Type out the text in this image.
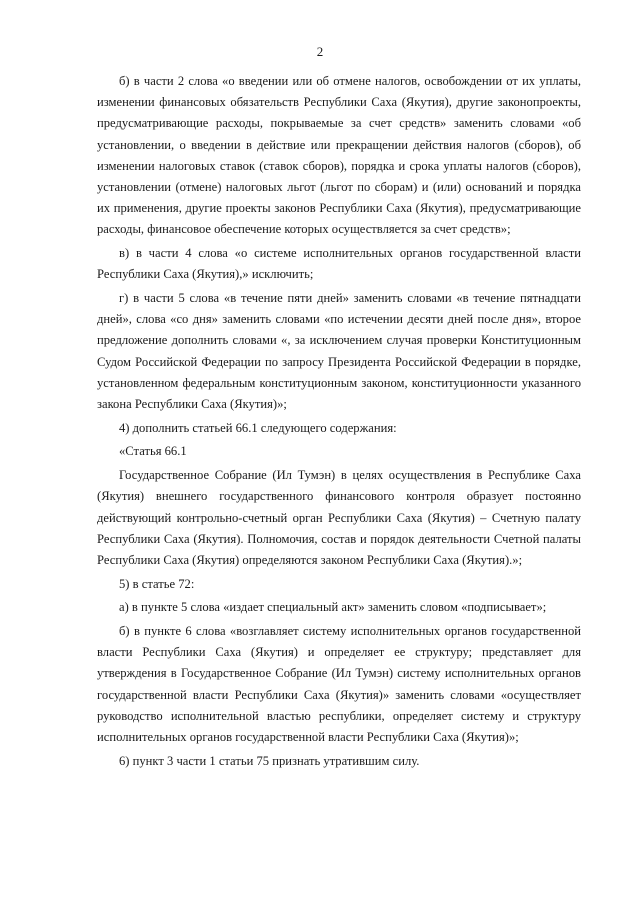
2

б) в части 2 слова «о введении или об отмене налогов, освобождении от их уплаты, изменении финансовых обязательств Республики Саха (Якутия), другие законопроекты, предусматривающие расходы, покрываемые за счет средств» заменить словами «об установлении, о введении в действие или прекращении действия налогов (сборов), об изменении налоговых ставок (ставок сборов), порядка и срока уплаты налогов (сборов), установлении (отмене) налоговых льгот (льгот по сборам) и (или) оснований и порядка их применения, другие проекты законов Республики Саха (Якутия), предусматривающие расходы, финансовое обеспечение которых осуществляется за счет средств»;

в) в части 4 слова «о системе исполнительных органов государственной власти Республики Саха (Якутия),» исключить;

г) в части 5 слова «в течение пяти дней» заменить словами «в течение пятнадцати дней», слова «со дня» заменить словами «по истечении десяти дней после дня», второе предложение дополнить словами «, за исключением случая проверки Конституционным Судом Российской Федерации по запросу Президента Российской Федерации в порядке, установленном федеральным конституционным законом, конституционности указанного закона Республики Саха (Якутия)»;

4) дополнить статьей 66.1 следующего содержания:

«Статья 66.1

Государственное Собрание (Ил Тумэн) в целях осуществления в Республике Саха (Якутия) внешнего государственного финансового контроля образует постоянно действующий контрольно-счетный орган Республики Саха (Якутия) – Счетную палату Республики Саха (Якутия). Полномочия, состав и порядок деятельности Счетной палаты Республики Саха (Якутия) определяются законом Республики Саха (Якутия).»;

5) в статье 72:

а) в пункте 5 слова «издает специальный акт» заменить словом «подписывает»;

б) в пункте 6 слова «возглавляет систему исполнительных органов государственной власти Республики Саха (Якутия) и определяет ее структуру; представляет для утверждения в Государственное Собрание (Ил Тумэн) систему исполнительных органов государственной власти Республики Саха (Якутия)» заменить словами «осуществляет руководство исполнительной властью республики, определяет систему и структуру исполнительных органов государственной власти Республики Саха (Якутия)»;

6) пункт 3 части 1 статьи 75 признать утратившим силу.
